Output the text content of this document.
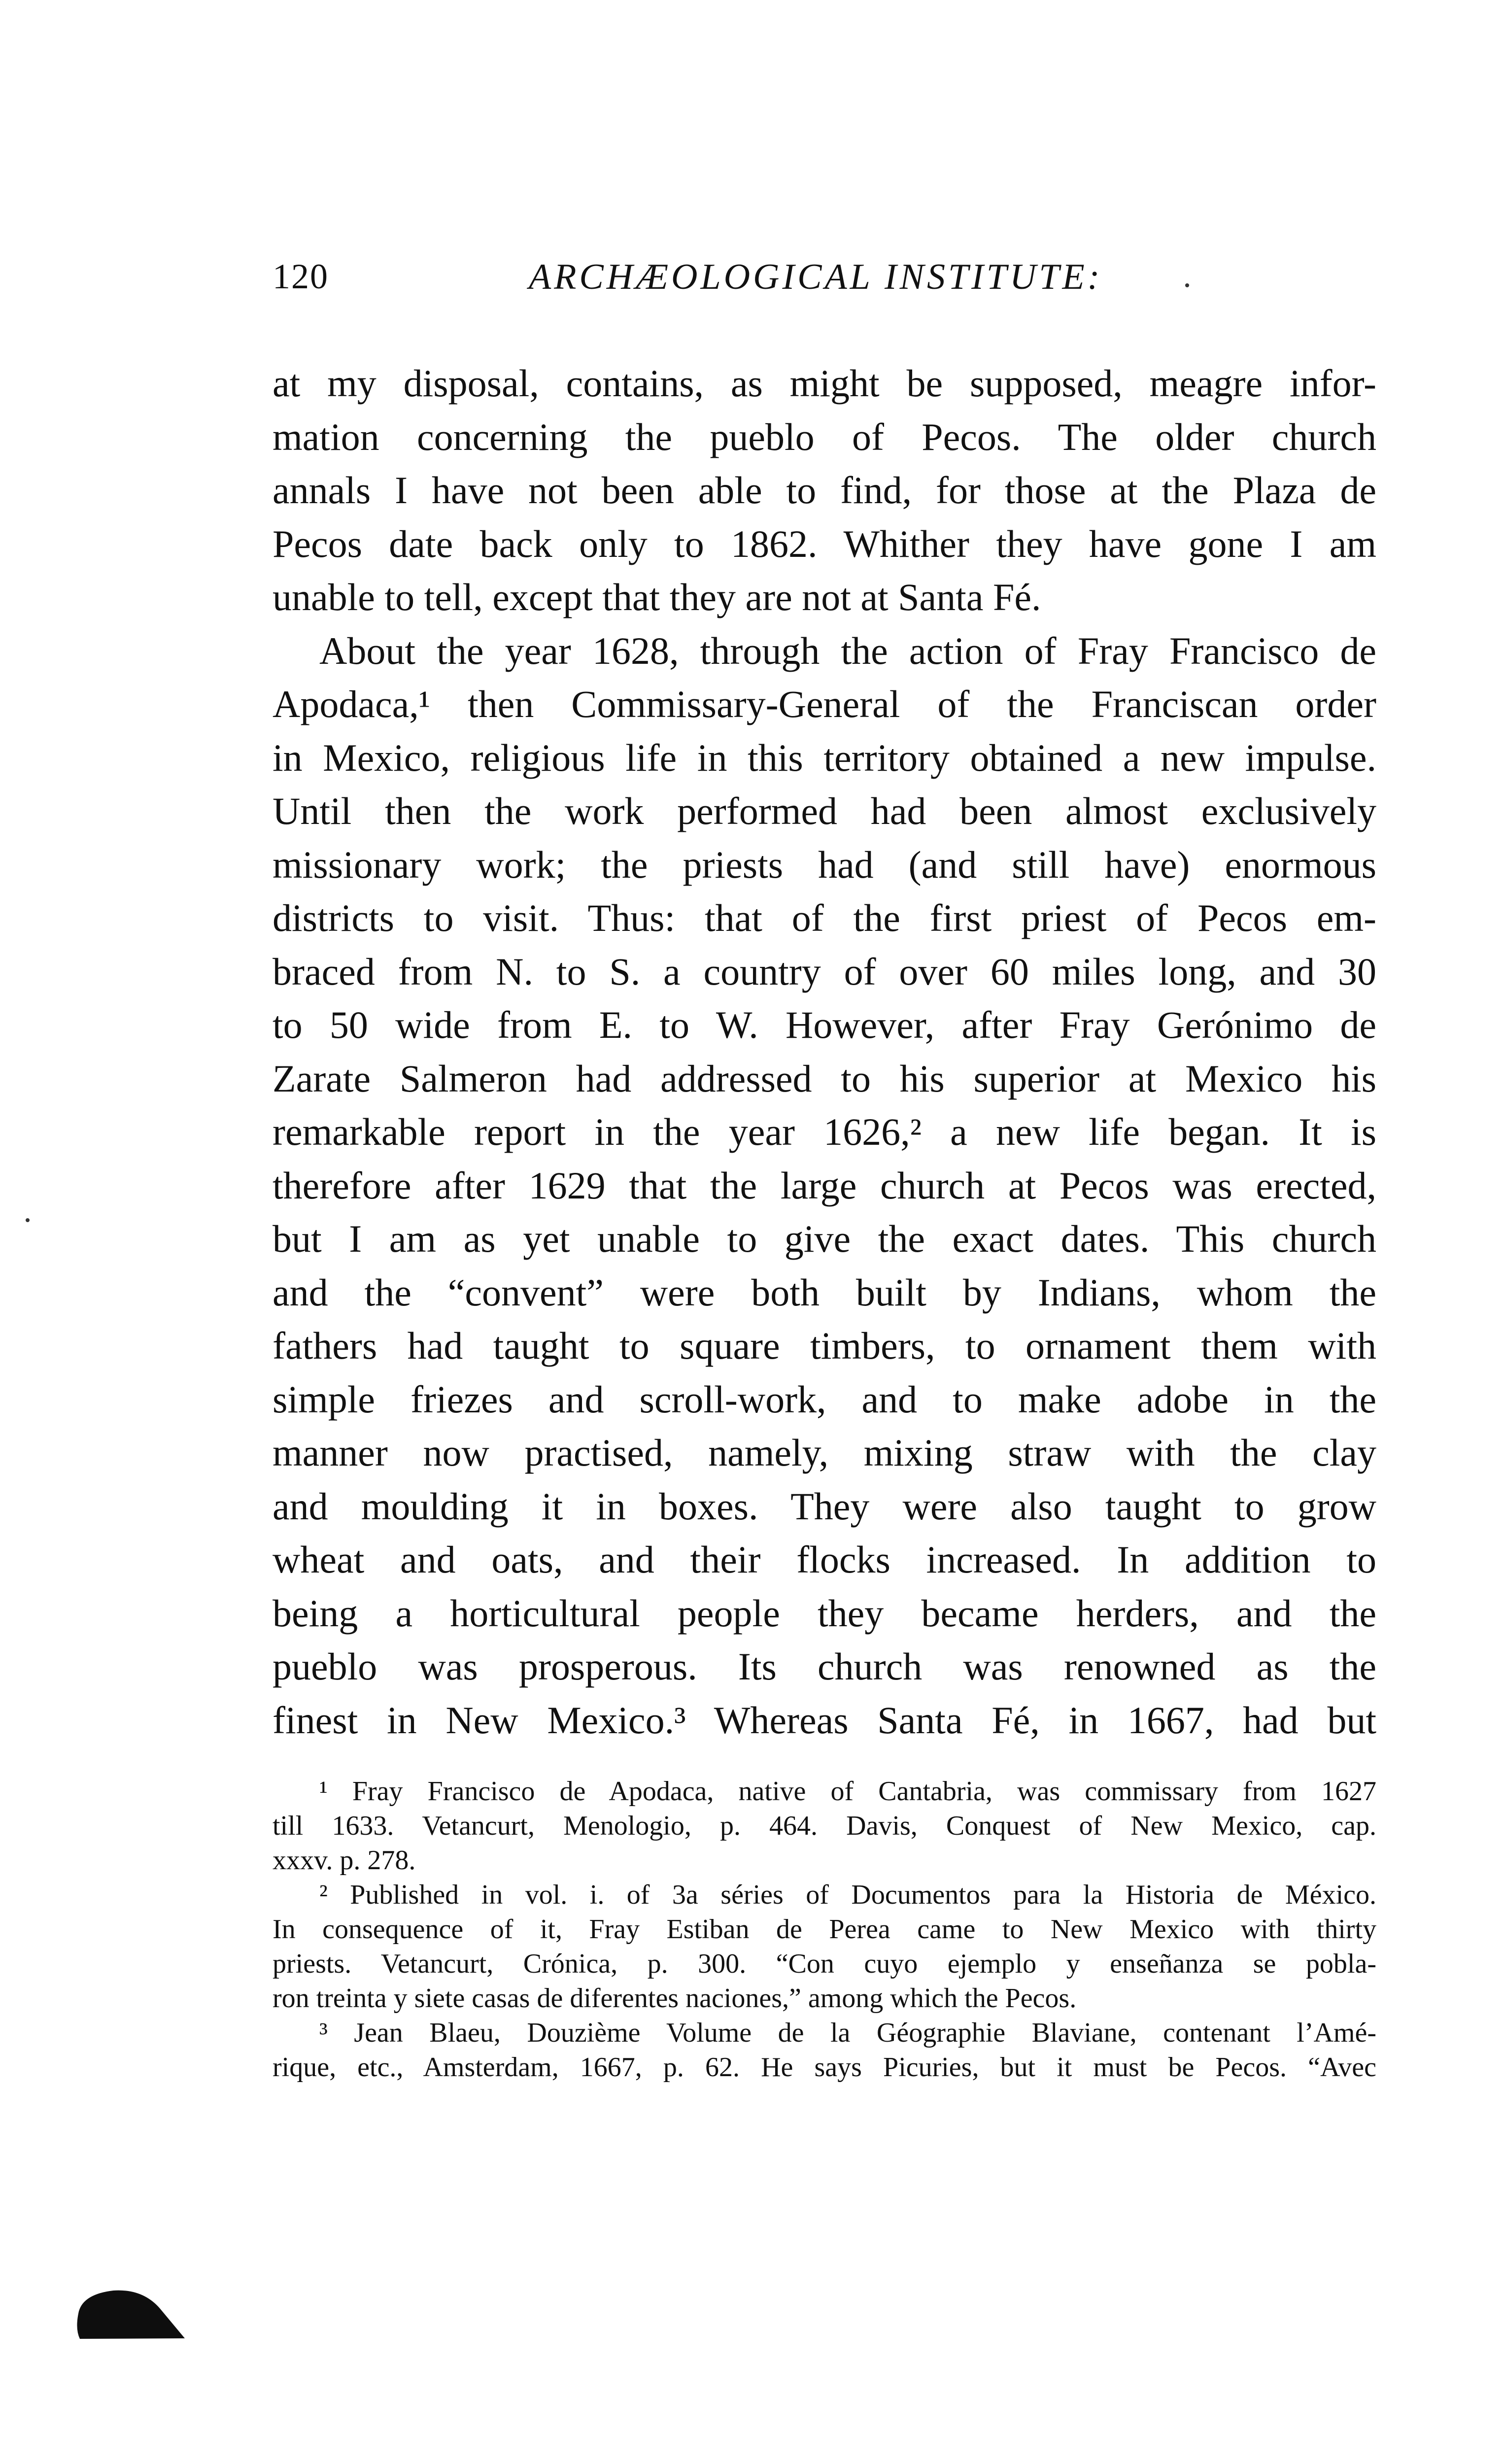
120	ARCHÆOLOGICAL INSTITUTE:
at my disposal, contains, as might be supposed, meagre infor-
mation concerning the pueblo of Pecos. The older church
annals I have not been able to find, for those at the Plaza de
Pecos date back only to 1862. Whither they have gone I am
unable to tell, except that they are not at Santa Fé.
About the year 1628, through the action of Fray Francisco de
Apodaca,¹ then Commissary-General of the Franciscan order
in Mexico, religious life in this territory obtained a new impulse.
Until then the work performed had been almost exclusively
missionary work; the priests had (and still have) enormous
districts to visit. Thus: that of the first priest of Pecos em-
braced from N. to S. a country of over 60 miles long, and 30
to 50 wide from E. to W. However, after Fray Gerónimo de
Zarate Salmeron had addressed to his superior at Mexico his
remarkable report in the year 1626,² a new life began. It is
therefore after 1629 that the large church at Pecos was erected,
but I am as yet unable to give the exact dates. This church
and the “convent” were both built by Indians, whom the
fathers had taught to square timbers, to ornament them with
simple friezes and scroll-work, and to make adobe in the
manner now practised, namely, mixing straw with the clay
and moulding it in boxes. They were also taught to grow
wheat and oats, and their flocks increased. In addition to
being a horticultural people they became herders, and the
pueblo was prosperous. Its church was renowned as the
finest in New Mexico.³ Whereas Santa Fé, in 1667, had but
¹ Fray Francisco de Apodaca, native of Cantabria, was commissary from 1627
till 1633. Vetancurt, Menologio, p. 464. Davis, Conquest of New Mexico, cap.
xxxv. p. 278.
² Published in vol. i. of 3a séries of Documentos para la Historia de México.
In consequence of it, Fray Estiban de Perea came to New Mexico with thirty
priests. Vetancurt, Crónica, p. 300. “Con cuyo ejemplo y enseñanza se pobla-
ron treinta y siete casas de diferentes naciones,” among which the Pecos.
³ Jean Blaeu, Douzième Volume de la Géographie Blaviane, contenant l’Amé-
rique, etc., Amsterdam, 1667, p. 62. He says Picuries, but it must be Pecos. “Avec
